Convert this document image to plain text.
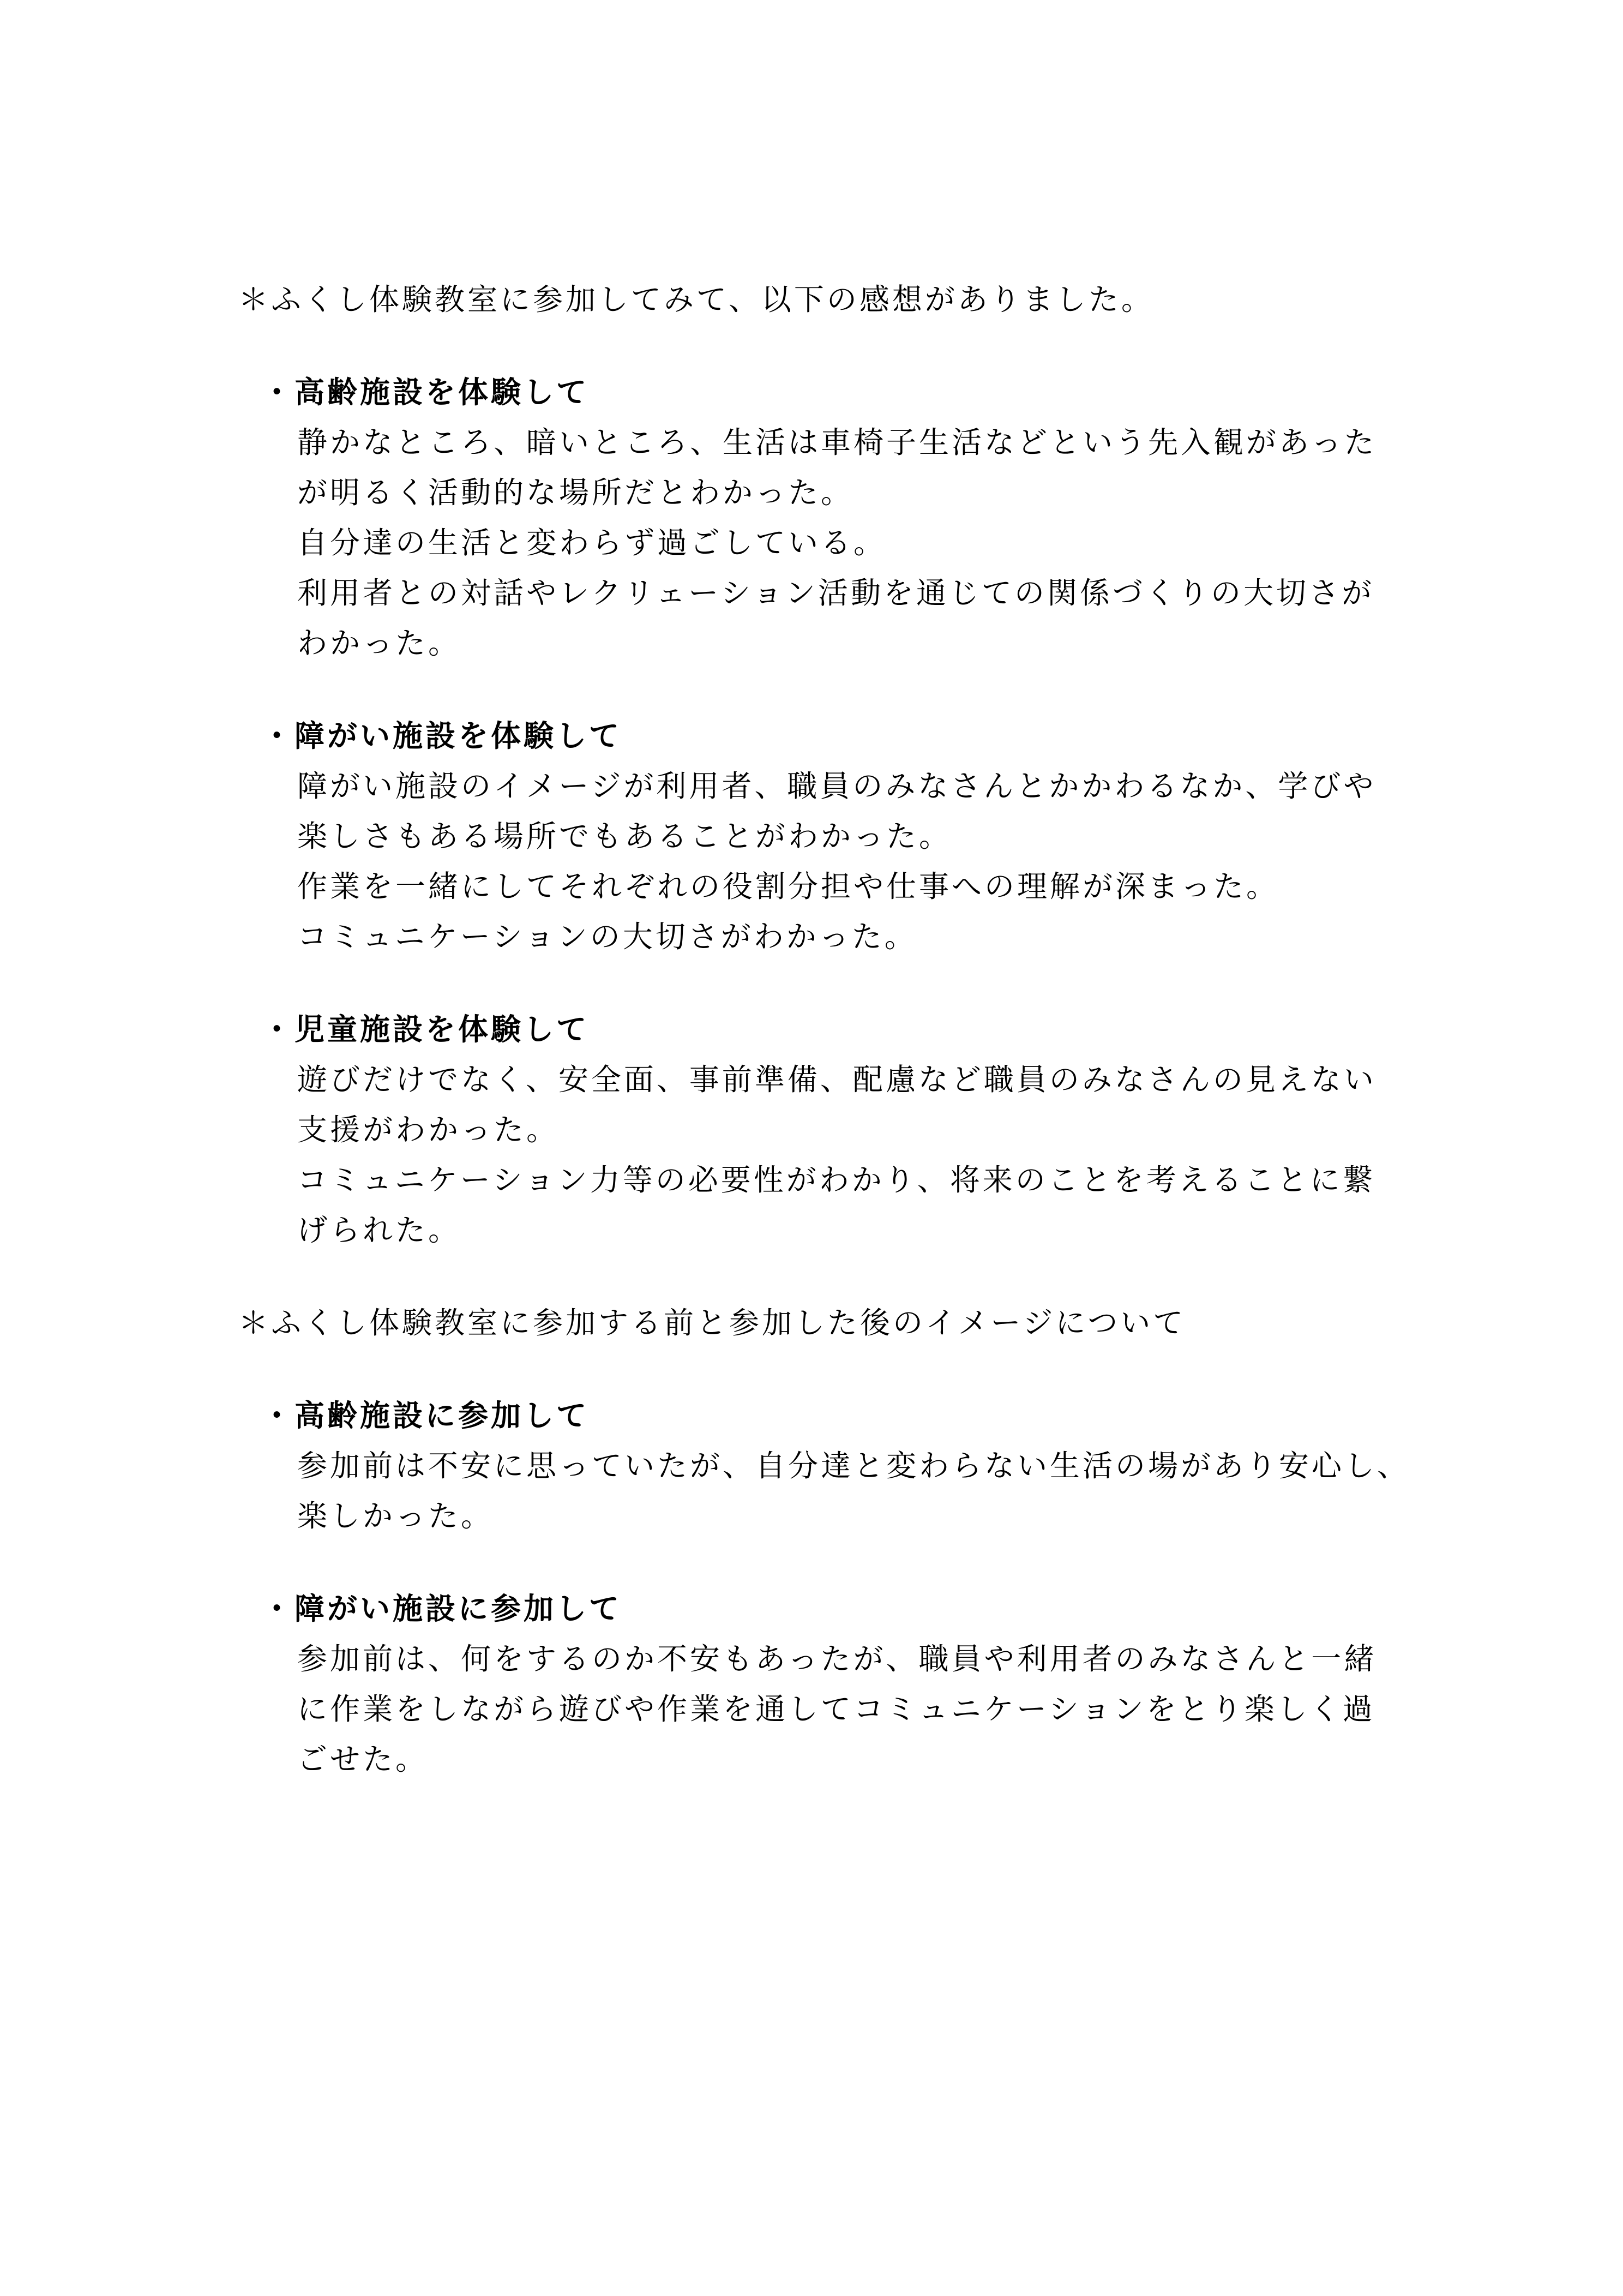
＊ふくし体験教室に参加してみて、以下の感想がありました。
・高齢施設を体験して
静かなところ、暗いところ、生活は車椅子生活などという先入観があった
が明るく活動的な場所だとわかった。
自分達の生活と変わらず過ごしている。
利用者との対話やレクリェーション活動を通じての関係づくりの大切さが
わかった。
・障がい施設を体験して
障がい施設のイメージが利用者、職員のみなさんとかかわるなか、学びや
楽しさもある場所でもあることがわかった。
作業を一緒にしてそれぞれの役割分担や仕事への理解が深まった。
コミュニケーションの大切さがわかった。
・児童施設を体験して
遊びだけでなく、安全面、事前準備、配慮など職員のみなさんの見えない
支援がわかった。
コミュニケーション力等の必要性がわかり、将来のことを考えることに繋
げられた。
＊ふくし体験教室に参加する前と参加した後のイメージについて
・高齢施設に参加して
参加前は不安に思っていたが、自分達と変わらない生活の場があり安心し、
楽しかった。
・障がい施設に参加して
参加前は、何をするのか不安もあったが、職員や利用者のみなさんと一緒
に作業をしながら遊びや作業を通してコミュニケーションをとり楽しく過
ごせた。
